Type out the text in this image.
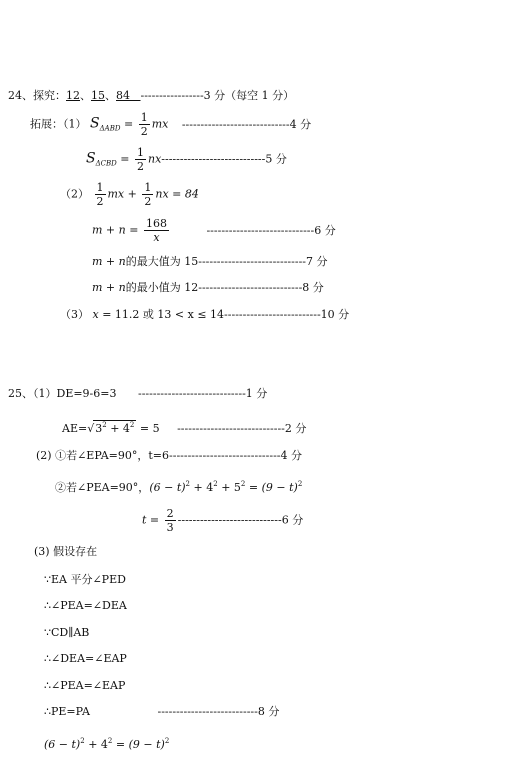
24、探究：12、15、84 -----------------3 分（每空 1 分）
拓展：（1） $S_{\Delta ABD} = \frac{1}{2}$ mx -----------------------------4 分
$S_{\Delta CBD} = \frac{1}{2} nx----------------------------5$ 分
$(2) \frac{1}{2}$ mx + $\frac{1}{2}$ nx = 84
$m + n = \frac{168}{x}$	-----------------------------6 分
m + n的最大值为 15-----------------------------7 分
m + n的最小值为 12----------------------------8 分
（3） x = 11.2 或 13 < x ≤ 14--------------------------10 分
25、（1）DE=9-6=3 -----------------------------1 分
$AE=√3^2 + 4^2 = 5$ -----------------------------2 分
(2) ①若∠EPA=90°，t=6------------------------------4 分
②若∠PEA=90°，$(6 - t)^2 + 4^2 + 5^2 = (9 - t)^2$
$t = \frac{2}{3} ----------------------------6$ 分
(3) 假设存在
∵EA 平分∠PED
∴∠PEA=∠DEA
∵CD∥AB
∴∠DEA=∠EAP
∴∠PEA=∠EAP
∴PE=PA	---------------------------8 分
$(6 - t)^2 + 4^2 = (9 - t)^2$
